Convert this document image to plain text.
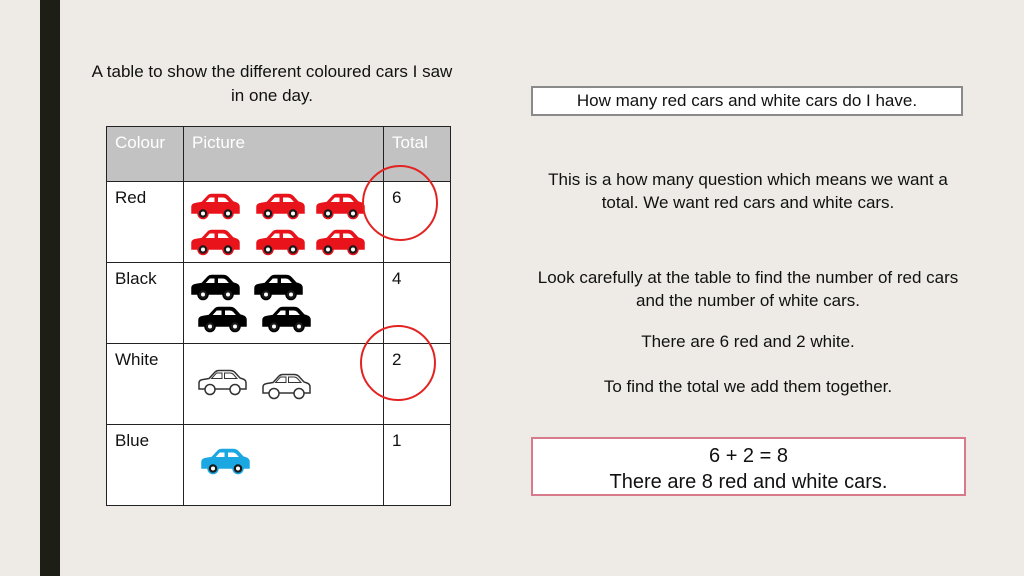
A table to show the different coloured cars I saw in one day.
Colour	Picture	Total

Red		6

Black		4

White		2

Blue		1
How many red cars and white cars do I have.
This is a how many question which means we want a total. We want red cars and white cars.
Look carefully at the table to find the number of red cars and the number of white cars.
There are 6 red and 2 white.
To find the total we add them together.
6 + 2 = 8
There are 8 red and white cars.
